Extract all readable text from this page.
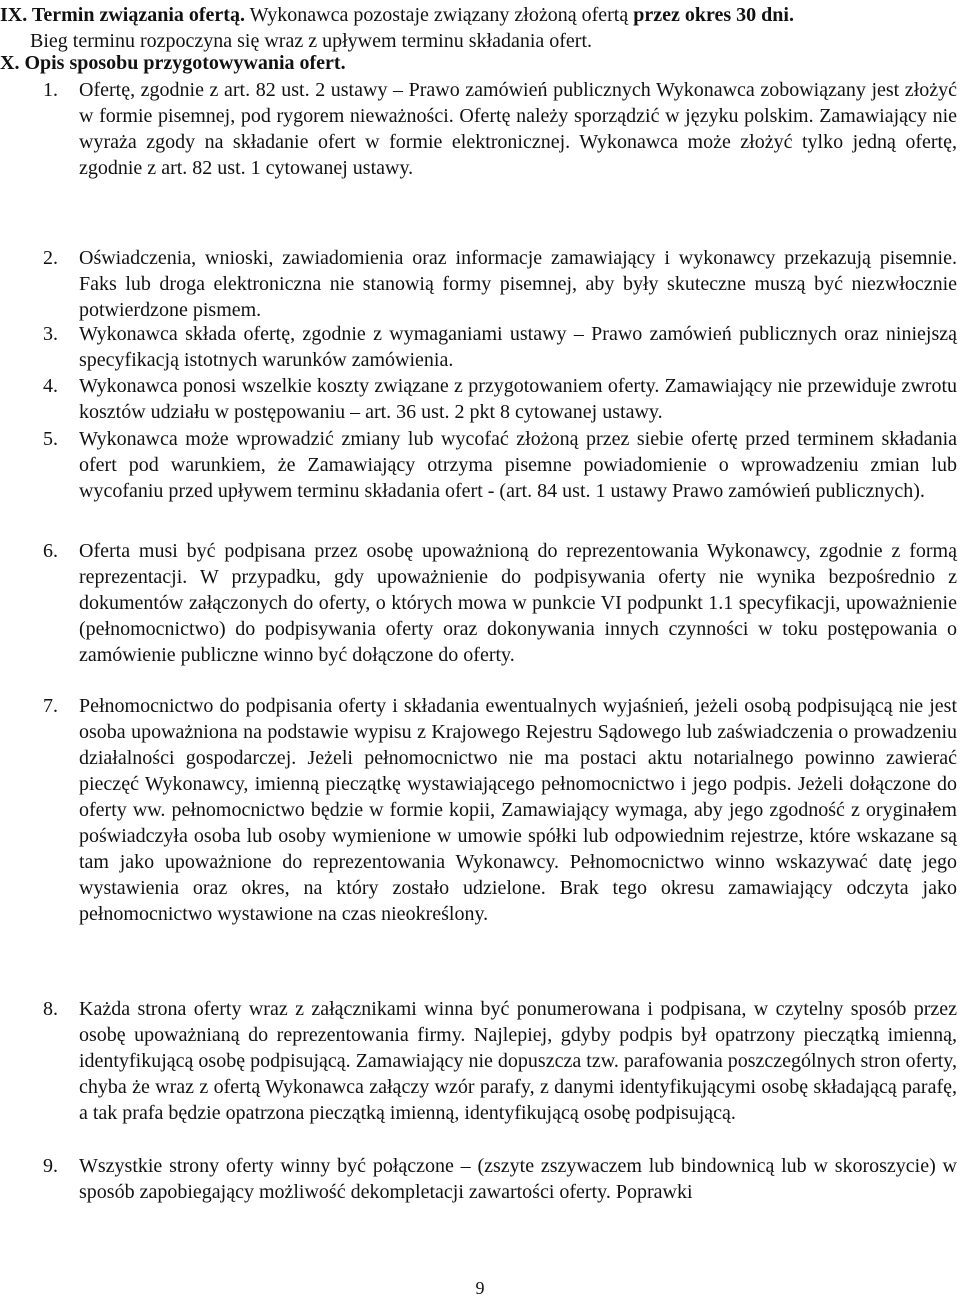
IX. Termin związania ofertą. Wykonawca pozostaje związany złożoną ofertą przez okres 30 dni.
Bieg terminu rozpoczyna się wraz z upływem terminu składania ofert.
X. Opis sposobu przygotowywania ofert.
1. Ofertę, zgodnie z art. 82 ust. 2 ustawy – Prawo zamówień publicznych Wykonawca zobowiązany jest złożyć w formie pisemnej, pod rygorem nieważności. Ofertę należy sporządzić w języku polskim. Zamawiający nie wyraża zgody na składanie ofert w formie elektronicznej. Wykonawca może złożyć tylko jedną ofertę, zgodnie z art. 82 ust. 1 cytowanej ustawy.
2. Oświadczenia, wnioski, zawiadomienia oraz informacje zamawiający i wykonawcy przekazują pisemnie. Faks lub droga elektroniczna nie stanowią formy pisemnej, aby były skuteczne muszą być niezwłocznie potwierdzone pismem.
3. Wykonawca składa ofertę, zgodnie z wymaganiami ustawy – Prawo zamówień publicznych oraz niniejszą specyfikacją istotnych warunków zamówienia.
4. Wykonawca ponosi wszelkie koszty związane z przygotowaniem oferty. Zamawiający nie przewiduje zwrotu kosztów udziału w postępowaniu – art. 36 ust. 2 pkt 8 cytowanej ustawy.
5. Wykonawca może wprowadzić zmiany lub wycofać złożoną przez siebie ofertę przed terminem składania ofert pod warunkiem, że Zamawiający otrzyma pisemne powiadomienie o wprowadzeniu zmian lub wycofaniu przed upływem terminu składania ofert - (art. 84 ust. 1 ustawy Prawo zamówień publicznych).
6. Oferta musi być podpisana przez osobę upoważnioną do reprezentowania Wykonawcy, zgodnie z formą reprezentacji. W przypadku, gdy upoważnienie do podpisywania oferty nie wynika bezpośrednio z dokumentów załączonych do oferty, o których mowa w punkcie VI podpunkt 1.1 specyfikacji, upoważnienie (pełnomocnictwo) do podpisywania oferty oraz dokonywania innych czynności w toku postępowania o zamówienie publiczne winno być dołączone do oferty.
7. Pełnomocnictwo do podpisania oferty i składania ewentualnych wyjaśnień, jeżeli osobą podpisującą nie jest osoba upoważniona na podstawie wypisu z Krajowego Rejestru Sądowego lub zaświadczenia o prowadzeniu działalności gospodarczej. Jeżeli pełnomocnictwo nie ma postaci aktu notarialnego powinno zawierać pieczęć Wykonawcy, imienną pieczątkę wystawiającego pełnomocnictwo i jego podpis. Jeżeli dołączone do oferty ww. pełnomocnictwo będzie w formie kopii, Zamawiający wymaga, aby jego zgodność z oryginałem poświadczyła osoba lub osoby wymienione w umowie spółki lub odpowiednim rejestrze, które wskazane są tam jako upoważnione do reprezentowania Wykonawcy. Pełnomocnictwo winno wskazywać datę jego wystawienia oraz okres, na który zostało udzielone. Brak tego okresu zamawiający odczyta jako pełnomocnictwo wystawione na czas nieokreślony.
8. Każda strona oferty wraz z załącznikami winna być ponumerowana i podpisana, w czytelny sposób przez osobę upoważnianą do reprezentowania firmy. Najlepiej, gdyby podpis był opatrzony pieczątką imienną, identyfikującą osobę podpisującą. Zamawiający nie dopuszcza tzw. parafowania poszczególnych stron oferty, chyba że wraz z ofertą Wykonawca załączy wzór parafy, z danymi identyfikującymi osobę składającą parafę, a tak prafa będzie opatrzona pieczątką imienną, identyfikującą osobę podpisującą.
9. Wszystkie strony oferty winny być połączone – (zszyte zszywaczem lub bindownicą lub w skoroszycie) w sposób zapobiegający możliwość dekompletacji zawartości oferty. Poprawki
9
